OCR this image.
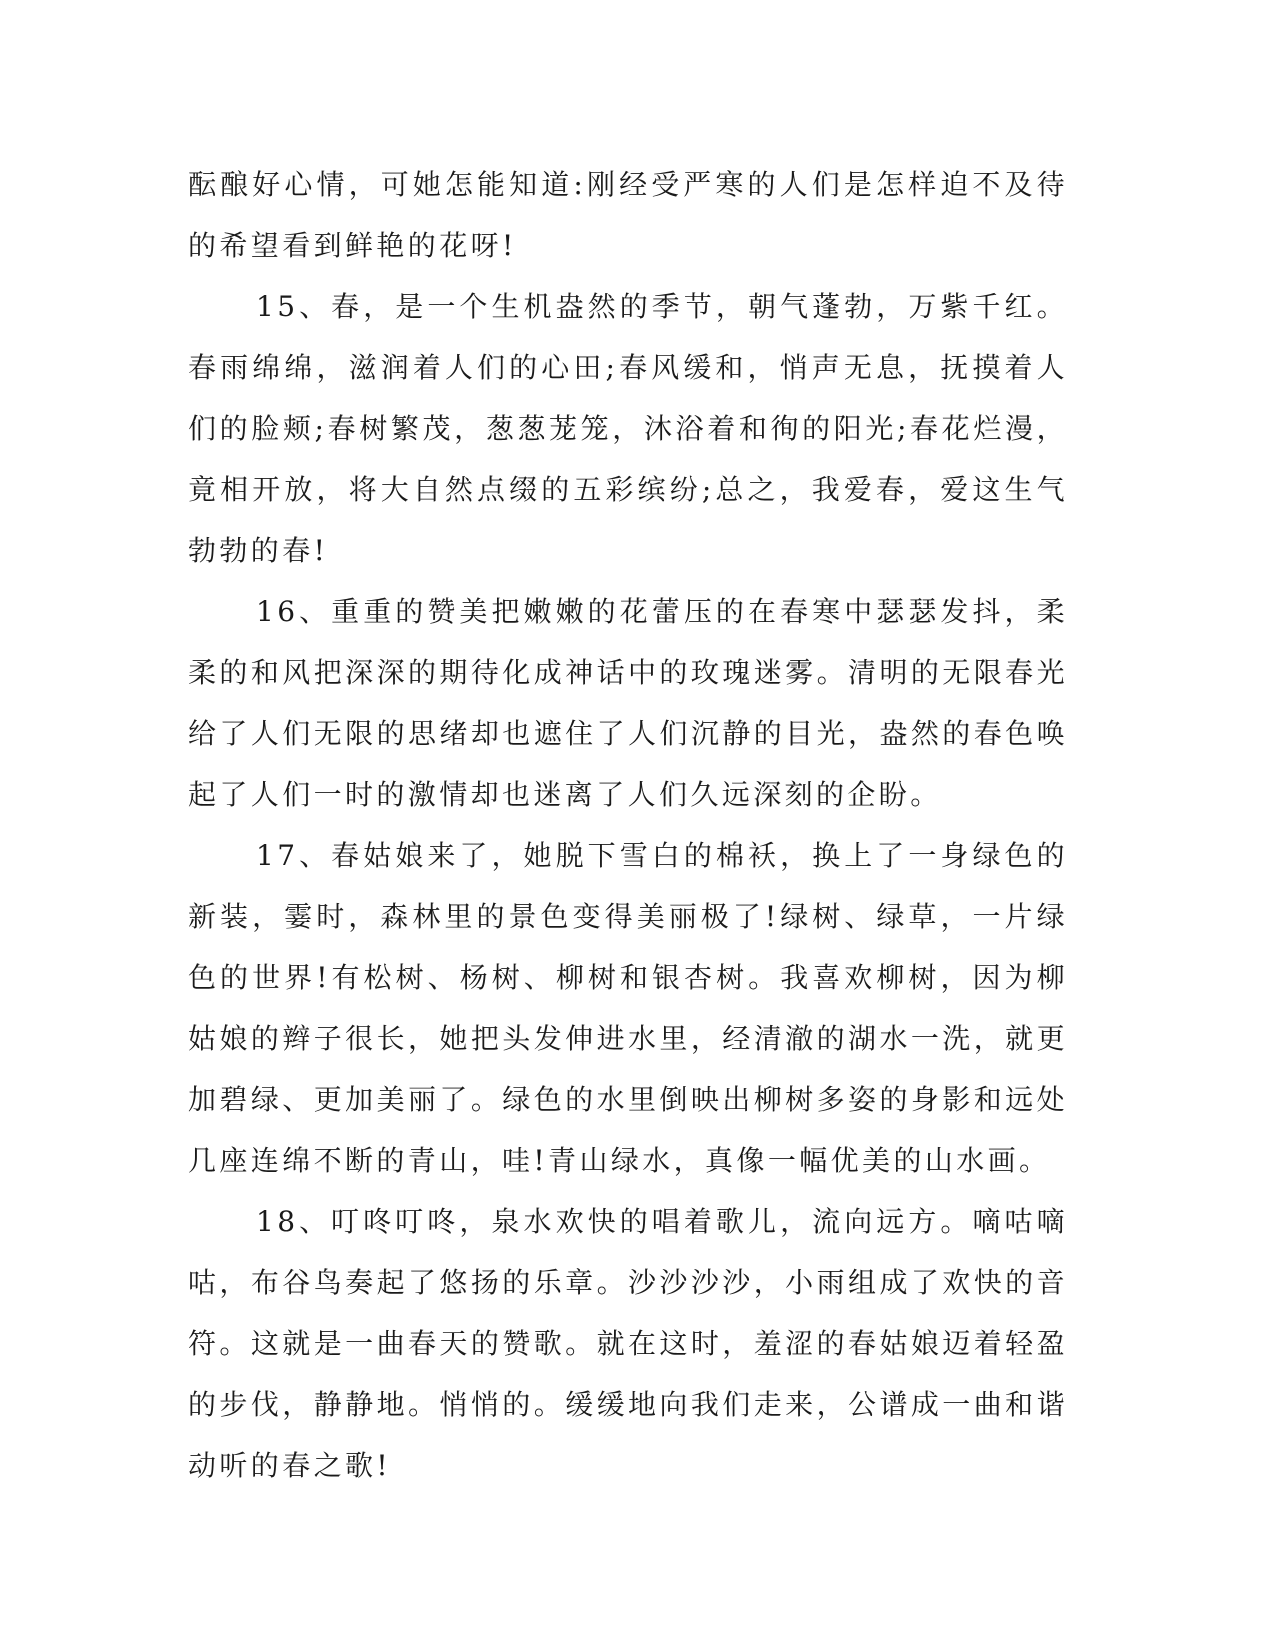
酝酿好心情，可她怎能知道:刚经受严寒的人们是怎样迫不及待的希望看到鲜艳的花呀!

15、春，是一个生机盎然的季节，朝气蓬勃，万紫千红。春雨绵绵，滋润着人们的心田;春风缓和，悄声无息，抚摸着人们的脸颊;春树繁茂，葱葱茏笼，沐浴着和徇的阳光;春花烂漫，竟相开放，将大自然点缀的五彩缤纷;总之，我爱春，爱这生气勃勃的春!

16、重重的赞美把嫩嫩的花蕾压的在春寒中瑟瑟发抖，柔柔的和风把深深的期待化成神话中的玫瑰迷雾。清明的无限春光给了人们无限的思绪却也遮住了人们沉静的目光，盎然的春色唤起了人们一时的激情却也迷离了人们久远深刻的企盼。

17、春姑娘来了，她脱下雪白的棉袄，换上了一身绿色的新装，霎时，森林里的景色变得美丽极了!绿树、绿草，一片绿色的世界!有松树、杨树、柳树和银杏树。我喜欢柳树，因为柳姑娘的辫子很长，她把头发伸进水里，经清澈的湖水一洗，就更加碧绿、更加美丽了。绿色的水里倒映出柳树多姿的身影和远处几座连绵不断的青山，哇!青山绿水，真像一幅优美的山水画。

18、叮咚叮咚，泉水欢快的唱着歌儿，流向远方。嘀咕嘀咕，布谷鸟奏起了悠扬的乐章。沙沙沙沙，小雨组成了欢快的音符。这就是一曲春天的赞歌。就在这时，羞涩的春姑娘迈着轻盈的步伐，静静地。悄悄的。缓缓地向我们走来，公谱成一曲和谐动听的春之歌!
